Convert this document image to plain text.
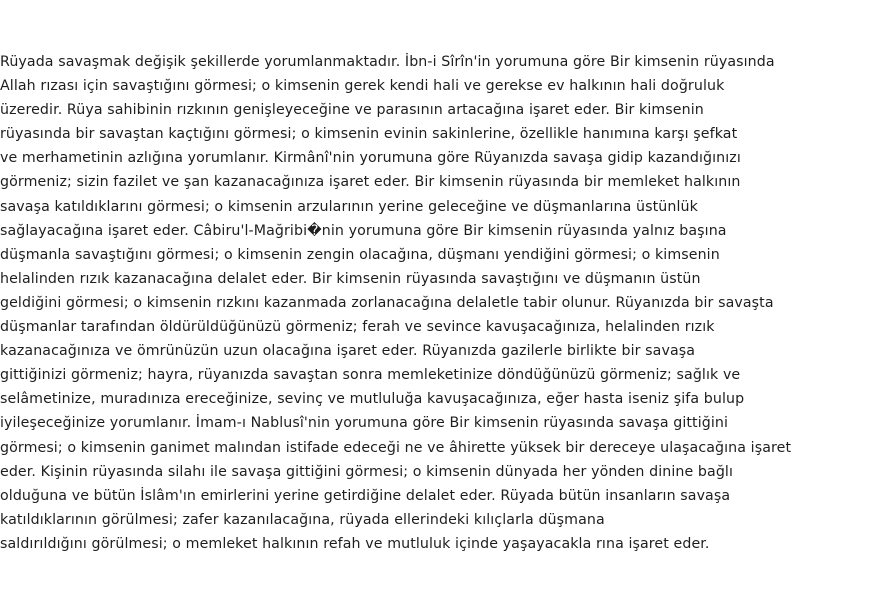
Rüyada savaşmak değişik şekillerde yorumlanmaktadır. İbn-i Sîrîn'in yorumuna göre Bir kimsenin rüyasında
Allah rızası için savaştığını görmesi; o kimsenin gerek kendi hali ve gerekse ev halkının hali doğruluk
üzeredir. Rüya sahibinin rızkının genişleyeceğine ve parasının artacağına işaret eder. Bir kimsenin
rüyasında bir savaştan kaçtığını görmesi; o kimsenin evinin sakinlerine, özellikle hanımına karşı şefkat
ve merhametinin azlığına yorumlanır. Kirmânî'nin yorumuna göre Rüyanızda savaşa gidip kazandığınızı
görmeniz; sizin fazilet ve şan kazanacağınıza işaret eder. Bir kimsenin rüyasında bir memleket halkının
savaşa katıldıklarını görmesi; o kimsenin arzularının yerine geleceğine ve düşmanlarına üstünlük
sağlayacağına işaret eder. Câbiru'l-Mağribi�nin yorumuna göre Bir kimsenin rüyasında yalnız başına
düşmanla savaştığını görmesi; o kimsenin zengin olacağına, düşmanı yendiğini görmesi; o kimsenin
helalinden rızık kazanacağına delalet eder. Bir kimsenin rüyasında savaştığını ve düşmanın üstün
geldiğini görmesi; o kimsenin rızkını kazanmada zorlanacağına delaletle tabir olunur. Rüyanızda bir savaşta
düşmanlar tarafından öldürüldüğünüzü görmeniz; ferah ve sevince kavuşacağınıza, helalinden rızık
kazanacağınıza ve ömrünüzün uzun olacağına işaret eder. Rüyanızda gazilerle birlikte bir savaşa
gittiğinizi görmeniz; hayra, rüyanızda savaştan sonra memleketinize döndüğünüzü görmeniz; sağlık ve
selâmetinize, muradınıza ereceğinize, sevinç ve mutluluğa kavuşacağınıza, eğer hasta iseniz şifa bulup
iyileşeceğinize yorumlanır. İmam-ı Nablusî'nin yorumuna göre Bir kimsenin rüyasında savaşa gittiğini
görmesi; o kimsenin ganimet malından istifade edeceği ne ve âhirette yüksek bir dereceye ulaşacağına işaret
eder. Kişinin rüyasında silahı ile savaşa gittiğini görmesi; o kimsenin dünyada her yönden dinine bağlı
olduğuna ve bütün İslâm'ın emirlerini yerine getirdiğine delalet eder. Rüyada bütün insanların savaşa
katıldıklarının görülmesi; zafer kazanılacağına, rüyada ellerindeki kılıçlarla düşmana
saldırıldığını görülmesi; o memleket halkının refah ve mutluluk içinde yaşayacakla rına işaret eder.
